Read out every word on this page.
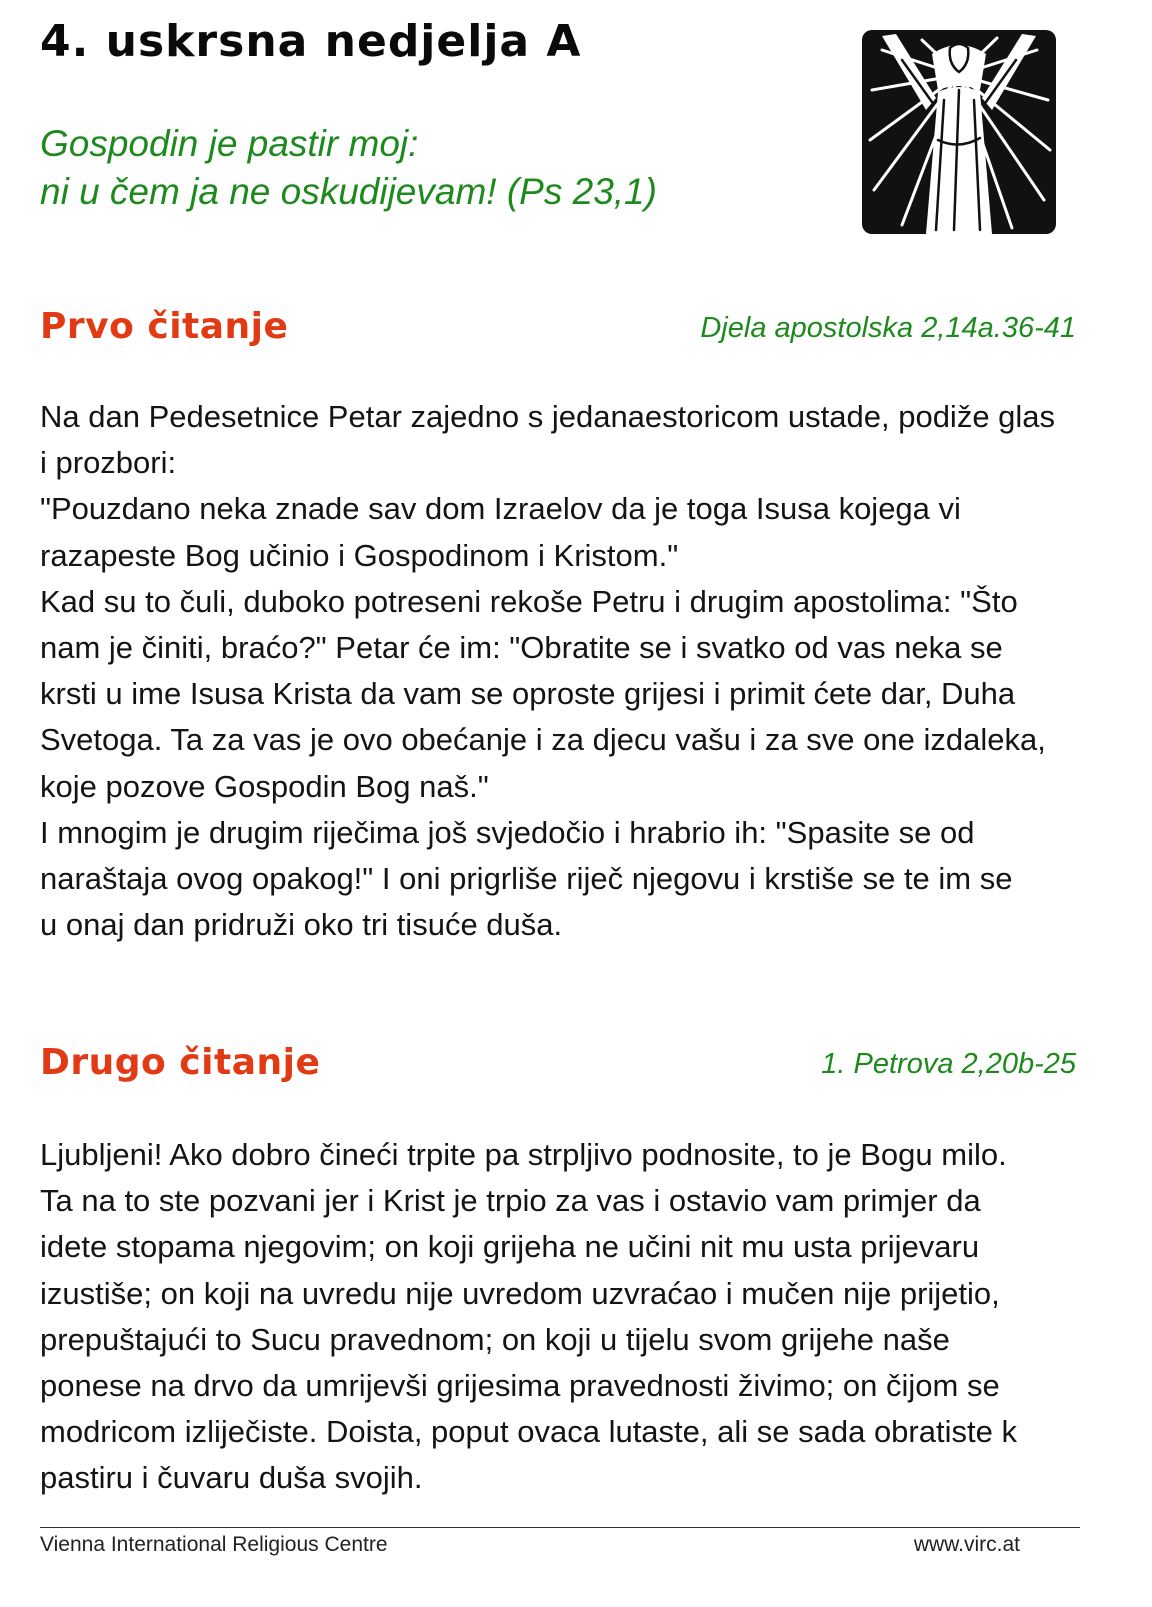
4. uskrsna nedjelja A
Gospodin je pastir moj:
ni u čem ja ne oskudijevam! (Ps 23,1)
Prvo čitanje	Djela apostolska 2,14a.36-41

Na dan Pedesetnice Petar zajedno s jedanaestoricom ustade, podiže glas
i prozbori:
"Pouzdano neka znade sav dom Izraelov da je toga Isusa kojega vi
razapeste Bog učinio i Gospodinom i Kristom."
Kad su to čuli, duboko potreseni rekoše Petru i drugim apostolima: "Što
nam je činiti, braćo?" Petar će im: "Obratite se i svatko od vas neka se
krsti u ime Isusa Krista da vam se oproste grijesi i primit ćete dar, Duha
Svetoga. Ta za vas je ovo obećanje i za djecu vašu i za sve one izdaleka,
koje pozove Gospodin Bog naš."
I mnogim je drugim riječima još svjedočio i hrabrio ih: "Spasite se od
naraštaja ovog opakog!" I oni prigrliše riječ njegovu i krstiše se te im se
u onaj dan pridruži oko tri tisuće duša.
Drugo čitanje	1. Petrova 2,20b-25

Ljubljeni! Ako dobro čineći trpite pa strpljivo podnosite, to je Bogu milo.
Ta na to ste pozvani jer i Krist je trpio za vas i ostavio vam primjer da
idete stopama njegovim; on koji grijeha ne učini nit mu usta prijevaru
izustiše; on koji na uvredu nije uvredom uzvraćao i mučen nije prijetio,
prepuštajući to Sucu pravednom; on koji u tijelu svom grijehe naše
ponese na drvo da umrijevši grijesima pravednosti živimo; on čijom se
modricom izliječiste. Doista, poput ovaca lutaste, ali se sada obratiste k
pastiru i čuvaru duša svojih.

Vienna International Religious Centre	www.virc.at
